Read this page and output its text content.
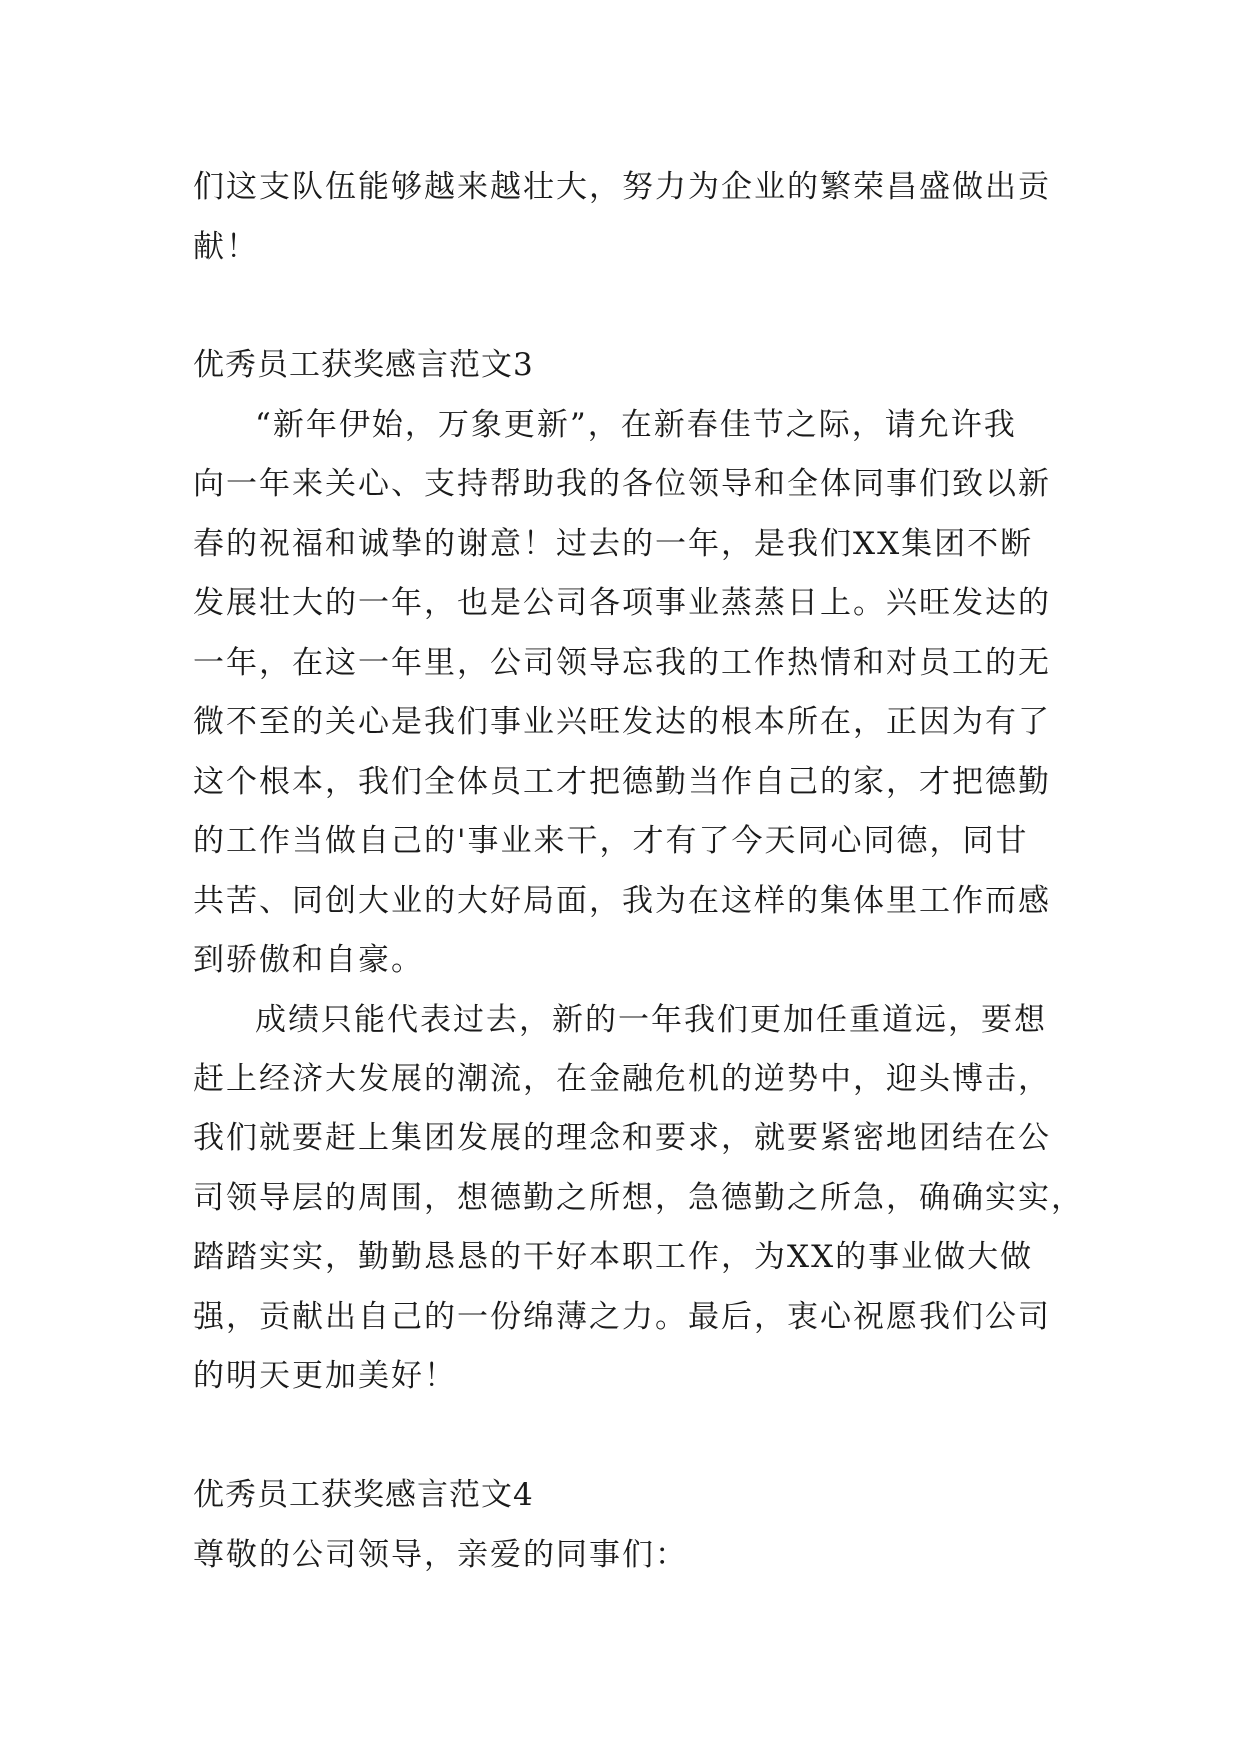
们这支队伍能够越来越壮大，努力为企业的繁荣昌盛做出贡
献！
优秀员工获奖感言范文3
“新年伊始，万象更新”，在新春佳节之际，请允许我
向一年来关心、支持帮助我的各位领导和全体同事们致以新
春的祝福和诚挚的谢意！过去的一年，是我们XX集团不断
发展壮大的一年，也是公司各项事业蒸蒸日上。兴旺发达的
一年，在这一年里，公司领导忘我的工作热情和对员工的无
微不至的关心是我们事业兴旺发达的根本所在，正因为有了
这个根本，我们全体员工才把德勤当作自己的家，才把德勤
的工作当做自己的'事业来干，才有了今天同心同德，同甘
共苦、同创大业的大好局面，我为在这样的集体里工作而感
到骄傲和自豪。
成绩只能代表过去，新的一年我们更加任重道远，要想
赶上经济大发展的潮流，在金融危机的逆势中，迎头博击，
我们就要赶上集团发展的理念和要求，就要紧密地团结在公
司领导层的周围，想德勤之所想，急德勤之所急，确确实实，
踏踏实实，勤勤恳恳的干好本职工作，为XX的事业做大做
强，贡献出自己的一份绵薄之力。最后，衷心祝愿我们公司
的明天更加美好！
优秀员工获奖感言范文4
尊敬的公司领导，亲爱的同事们：
